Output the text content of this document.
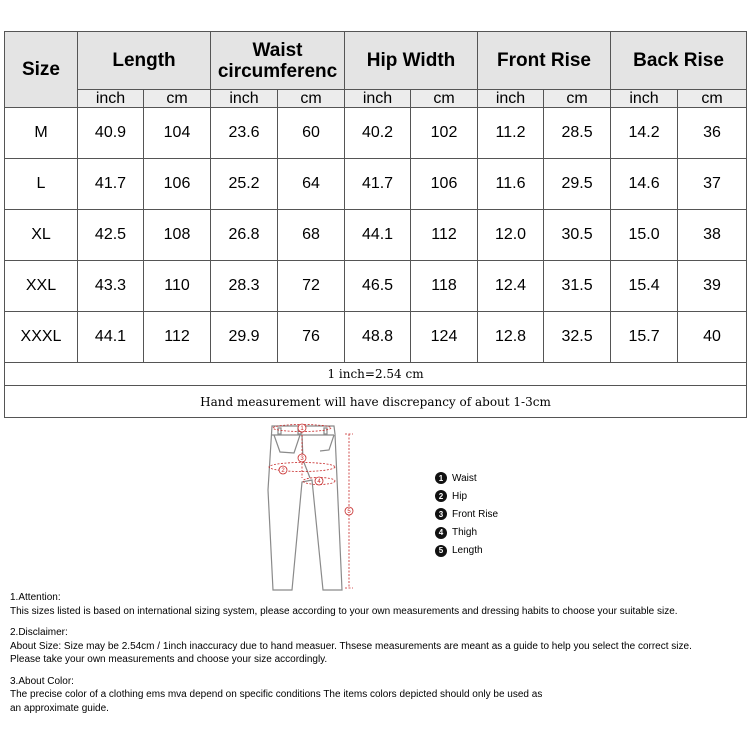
Size	Length		Waist circumferenc		Hip Width		Front Rise		Back Rise	
	inch	cm	inch	cm	inch	cm	inch	cm	inch	cm
M	40.9	104	23.6	60	40.2	102	11.2	28.5	14.2	36
L	41.7	106	25.2	64	41.7	106	11.6	29.5	14.6	37
XL	42.5	108	26.8	68	44.1	112	12.0	30.5	15.0	38
XXL	43.3	110	28.3	72	46.5	118	12.4	31.5	15.4	39
XXXL	44.1	112	29.9	76	48.8	124	12.8	32.5	15.7	40
1 inch=2.54 cm										
Hand measurement will have discrepancy of about 1-3cm										
1
2
3
4
5
1 Waist
2 Hip
3 Front Rise
4 Thigh
5 Length
1.Attention:
This sizes listed is based on international sizing system, please according to your own measurements and dressing habits to choose your suitable size.
2.Disclaimer:
About Size: Size may be 2.54cm / 1inch inaccuracy due to hand measuer. Thsese measurements are meant as a guide to help you select the correct size.
Please take your own measurements and choose your size accordingly.
3.About Color:
The precise color of a clothing ems mva depend on specific conditions The items colors depicted should only be used as
an approximate guide.
